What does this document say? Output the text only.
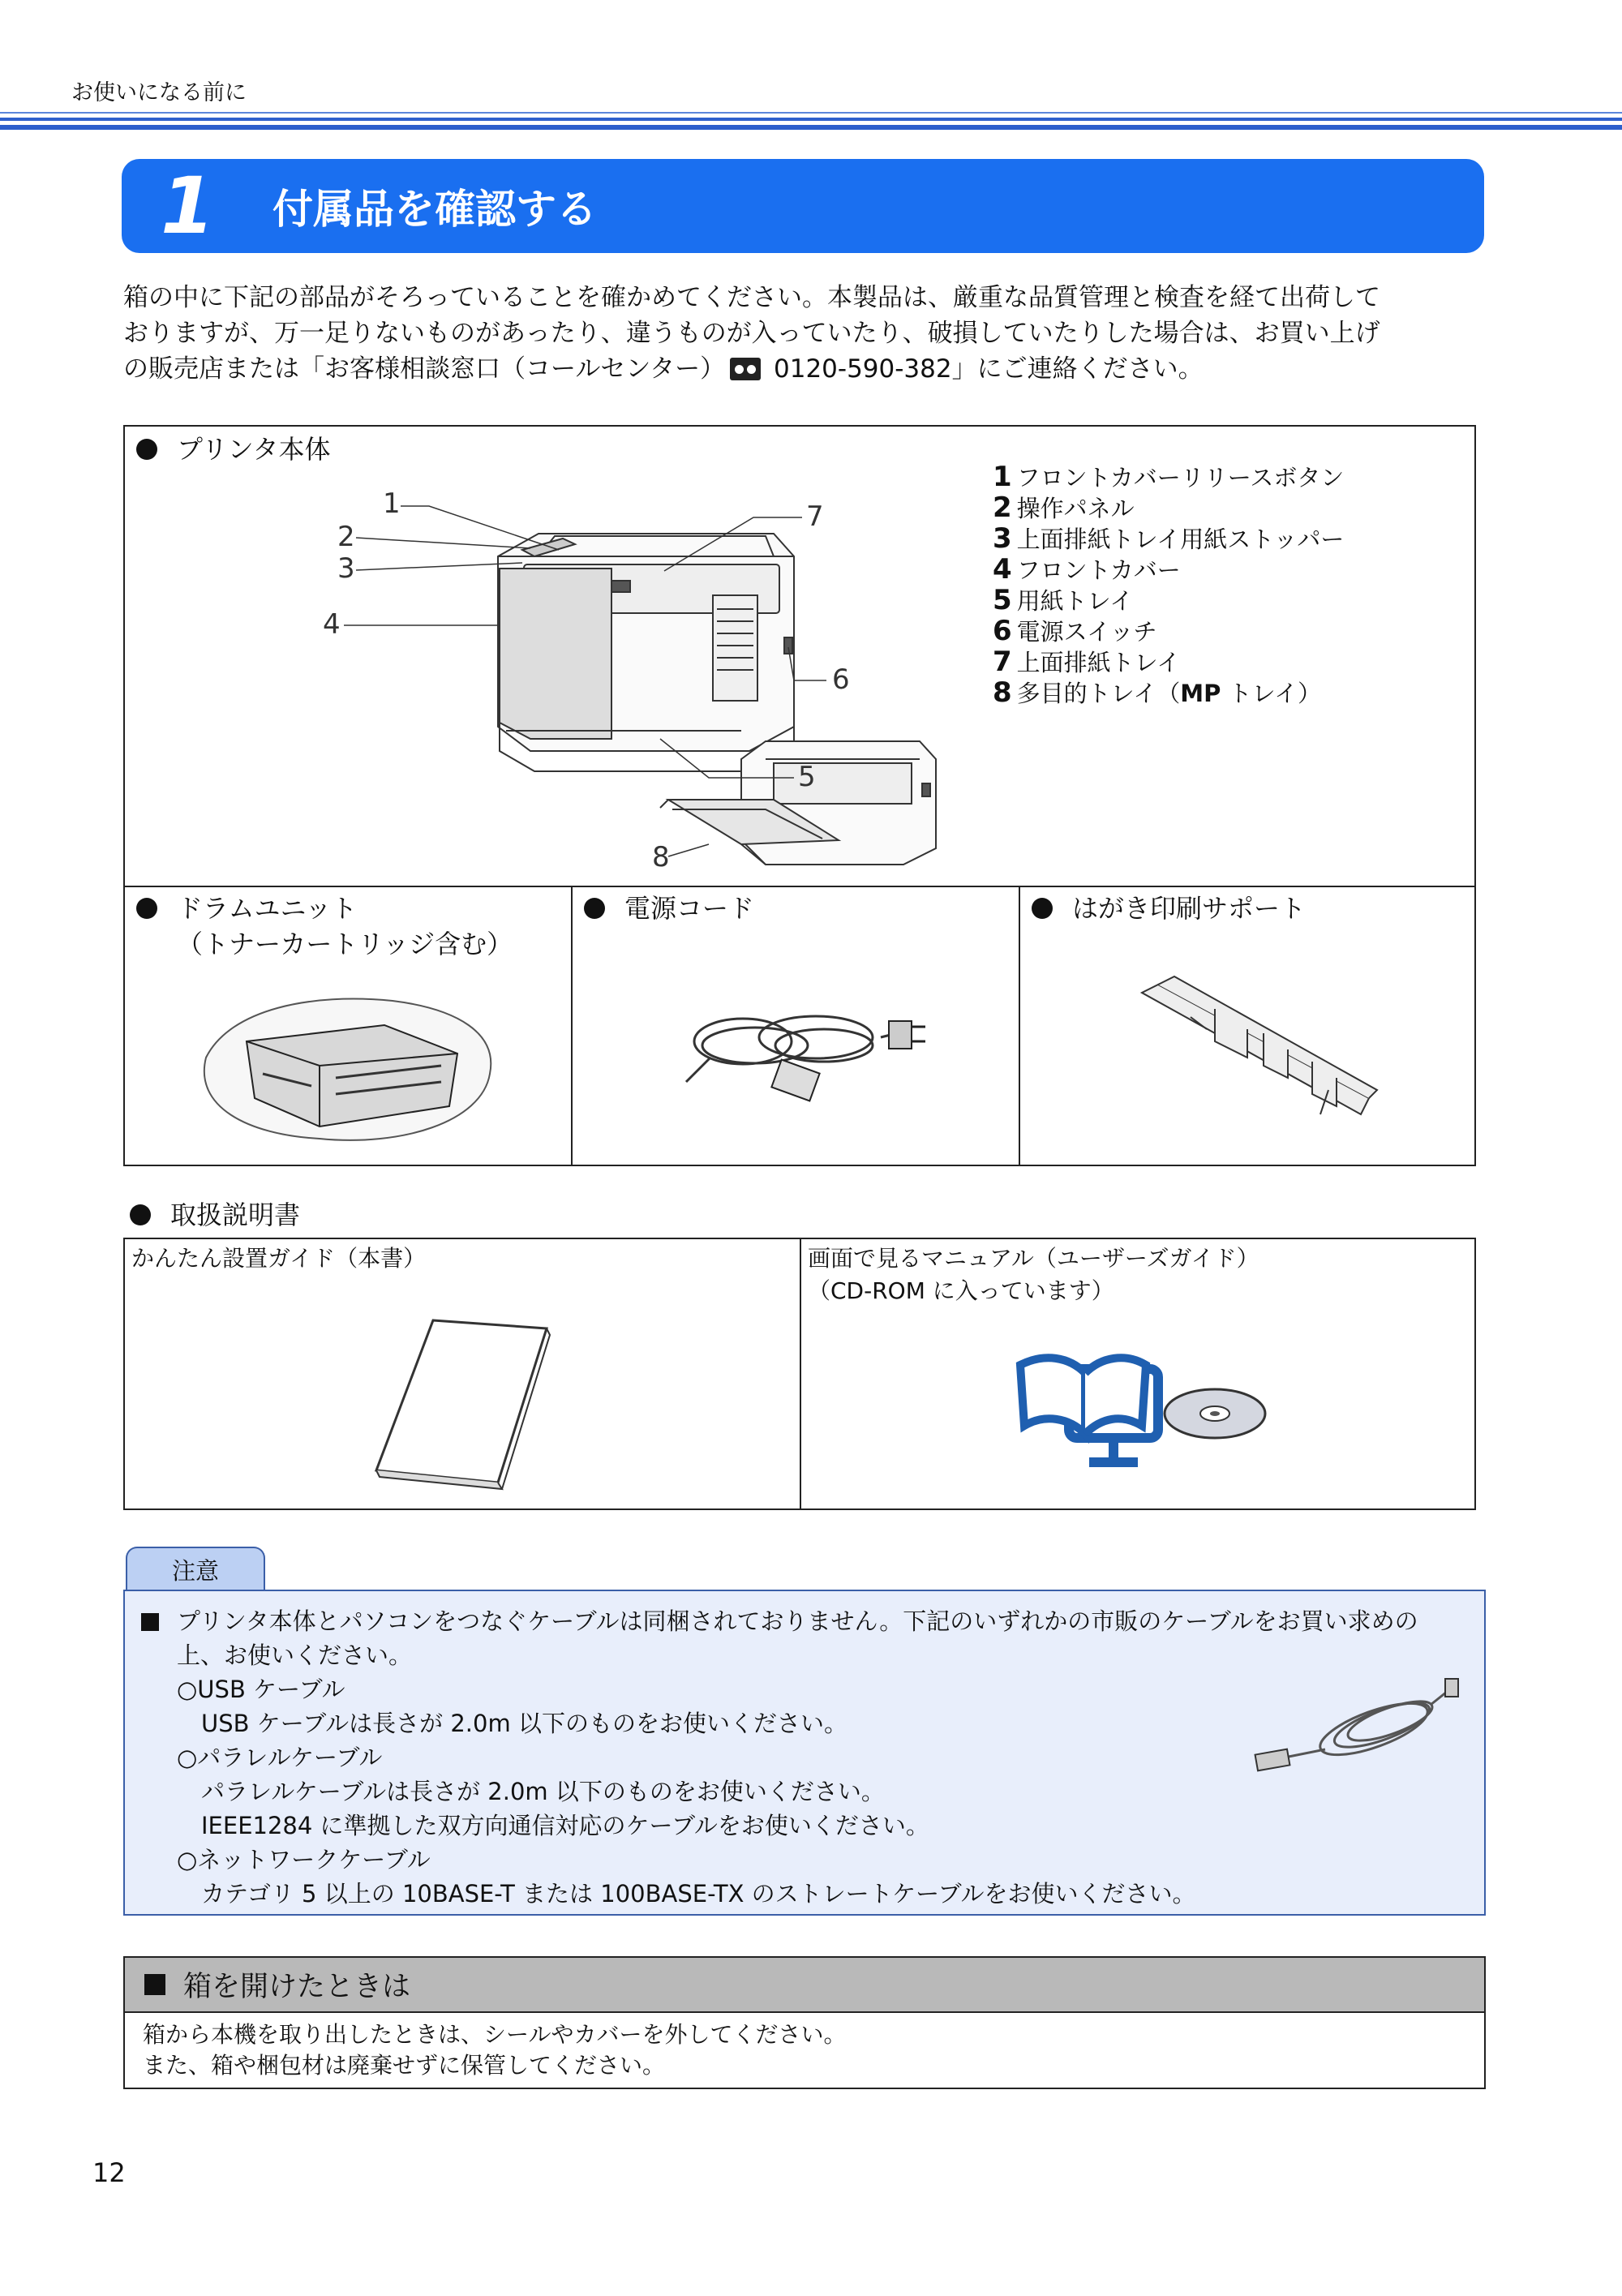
お使いになる前に
1	付属品を確認する

箱の中に下記の部品がそろっていることを確かめてください。本製品は、厳重な品質管理と検査を経て出荷して

おりますが、万一足りないものがあったり、違うものが入っていたり、破損していたりした場合は、お買い上げ

の販売店または「お客様相談窓口（コールセンター） 0120-590-382」にご連絡ください。

プリンタ本体
1
2
3
4
5
6
7
8
1 フロントカバーリリースボタン
2 操作パネル
3 上面排紙トレイ用紙ストッパー
4 フロントカバー
5 用紙トレイ
6 電源スイッチ
7 上面排紙トレイ
8 多目的トレイ（MP トレイ）
ドラムユニット
（トナーカートリッジ含む）
電源コード	はがき印刷サポート
取扱説明書
かんたん設置ガイド（本書）	画面で見るマニュアル（ユーザーズガイド）
（CD-ROM に入っています）
注意
プリンタ本体とパソコンをつなぐケーブルは同梱されておりません。下記のいずれかの市販のケーブルをお買い求めの
上、お使いください。
○USB ケーブル
USB ケーブルは長さが 2.0m 以下のものをお使いください。
○パラレルケーブル
パラレルケーブルは長さが 2.0m 以下のものをお使いください。
IEEE1284 に準拠した双方向通信対応のケーブルをお使いください。
○ネットワークケーブル
カテゴリ 5 以上の 10BASE-T または 100BASE-TX のストレートケーブルをお使いください。
箱を開けたときは
箱から本機を取り出したときは、シールやカバーを外してください。
また、箱や梱包材は廃棄せずに保管してください。
12
